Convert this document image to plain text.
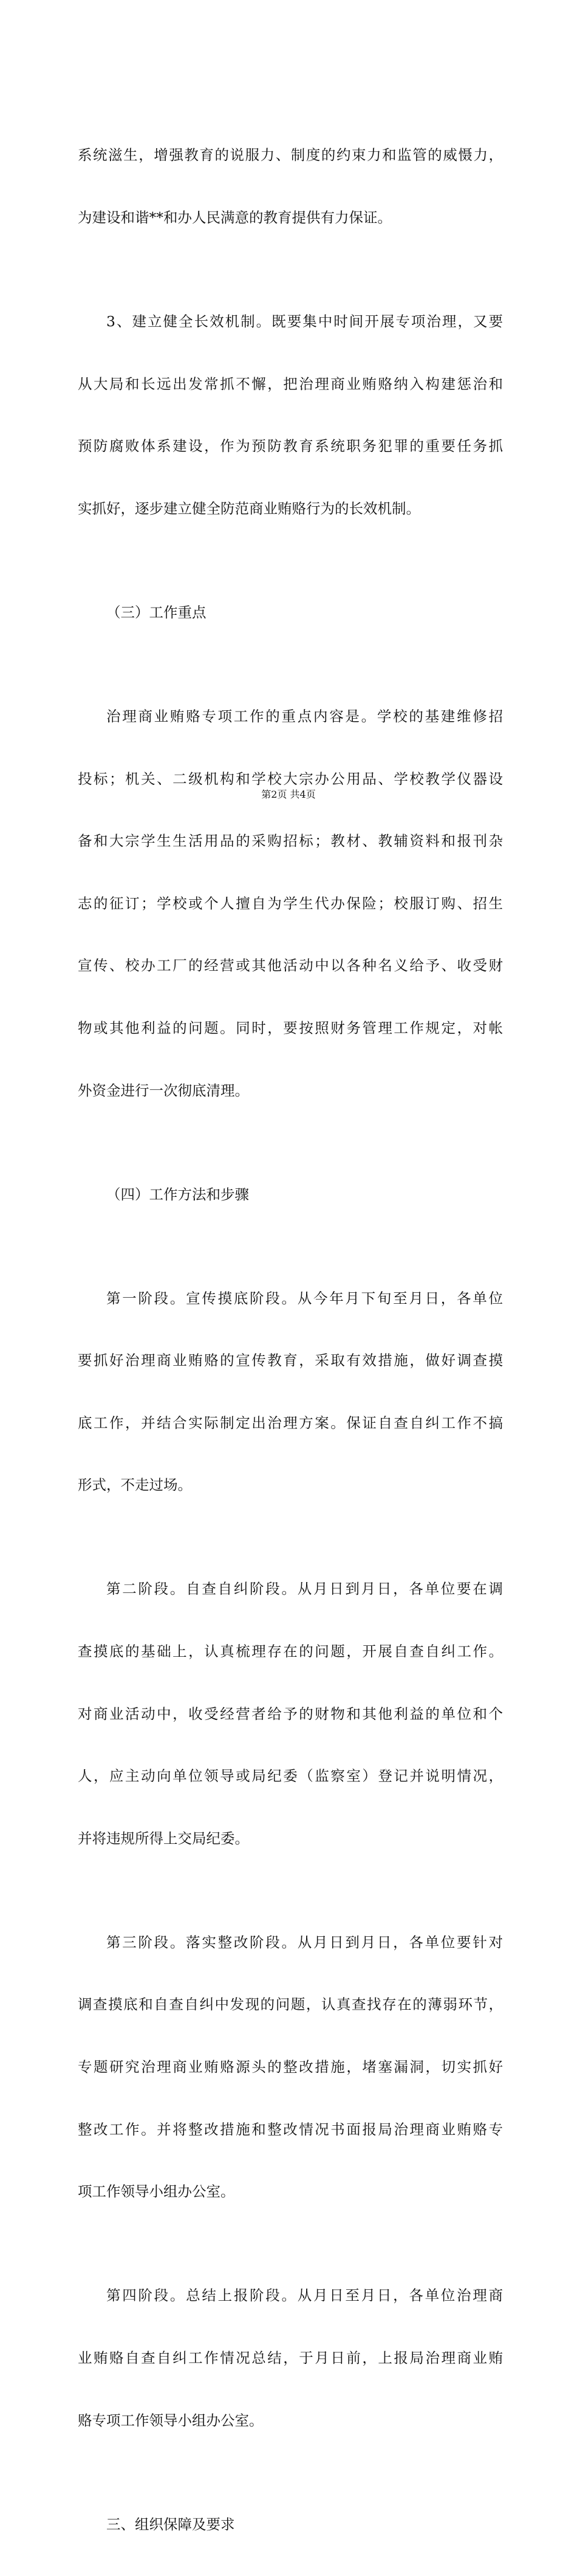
系统滋生，增强教育的说服力、制度的约束力和监管的威慑力，

为建设和谐**和办人民满意的教育提供有力保证。

3、建立健全长效机制。既要集中时间开展专项治理，又要

从大局和长远出发常抓不懈，把治理商业贿赂纳入构建惩治和

预防腐败体系建设，作为预防教育系统职务犯罪的重要任务抓

实抓好，逐步建立健全防范商业贿赂行为的长效机制。

（三）工作重点

治理商业贿赂专项工作的重点内容是。学校的基建维修招

投标；机关、二级机构和学校大宗办公用品、学校教学仪器设

备和大宗学生生活用品的采购招标；教材、教辅资料和报刊杂

志的征订；学校或个人擅自为学生代办保险；校服订购、招生

宣传、校办工厂的经营或其他活动中以各种名义给予、收受财

物或其他利益的问题。同时，要按照财务管理工作规定，对帐

外资金进行一次彻底清理。

（四）工作方法和步骤

第一阶段。宣传摸底阶段。从今年月下旬至月日，各单位

要抓好治理商业贿赂的宣传教育，采取有效措施，做好调查摸

底工作，并结合实际制定出治理方案。保证自查自纠工作不搞

形式，不走过场。

第二阶段。自查自纠阶段。从月日到月日，各单位要在调

查摸底的基础上，认真梳理存在的问题，开展自查自纠工作。

对商业活动中，收受经营者给予的财物和其他利益的单位和个

人，应主动向单位领导或局纪委（监察室）登记并说明情况，

并将违规所得上交局纪委。

第三阶段。落实整改阶段。从月日到月日，各单位要针对

调查摸底和自查自纠中发现的问题，认真查找存在的薄弱环节，

专题研究治理商业贿赂源头的整改措施，堵塞漏洞，切实抓好

整改工作。并将整改措施和整改情况书面报局治理商业贿赂专

项工作领导小组办公室。

第四阶段。总结上报阶段。从月日至月日，各单位治理商

业贿赂自查自纠工作情况总结，于月日前，上报局治理商业贿

赂专项工作领导小组办公室。

三、组织保障及要求

第2页 共4页
